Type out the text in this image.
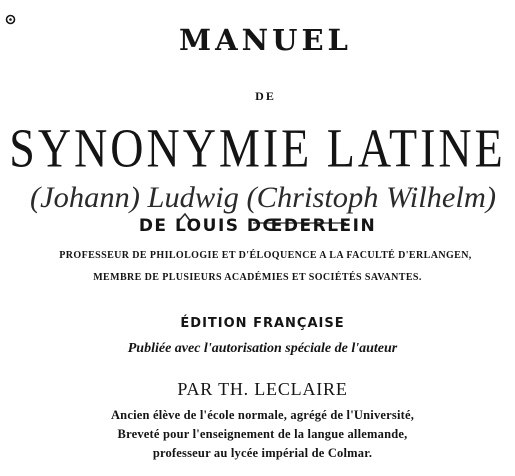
MANUEL
DE
SYNONYMIE LATINE
(Johann) Ludwig (Christoph Wilhelm)
DE LOUIS DŒDERLEIN
PROFESSEUR DE PHILOLOGIE ET D'ÉLOQUENCE A LA FACULTÉ D'ERLANGEN,
MEMBRE DE PLUSIEURS ACADÉMIES ET SOCIÉTÉS SAVANTES.
ÉDITION FRANÇAISE
Publiée avec l'autorisation spéciale de l'auteur
PAR TH. LECLAIRE
Ancien élève de l'école normale, agrégé de l'Université,
Breveté pour l'enseignement de la langue allemande,
professeur au lycée impérial de Colmar.
